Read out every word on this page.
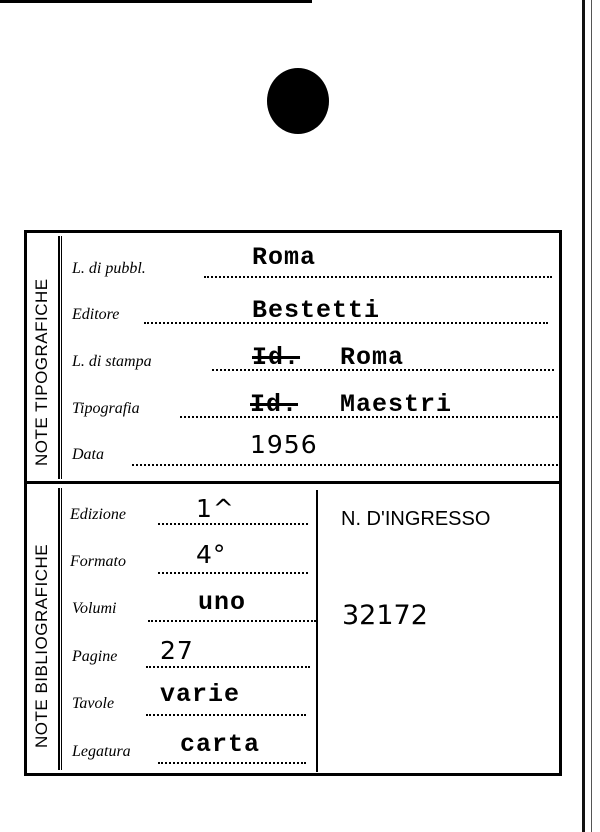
NOTE TIPOGRAFICHE
NOTE BIBLIOGRAFICHE
L. di pubbl.	Roma
Editore	Bestetti
L. di stampa	Id. Roma
Tipografia	Id. Maestri
Data	1956
Edizione	1^
Formato	4°
Volumi	uno
Pagine 27
Tavole varie
Legatura carta
N. D'INGRESSO
32172
